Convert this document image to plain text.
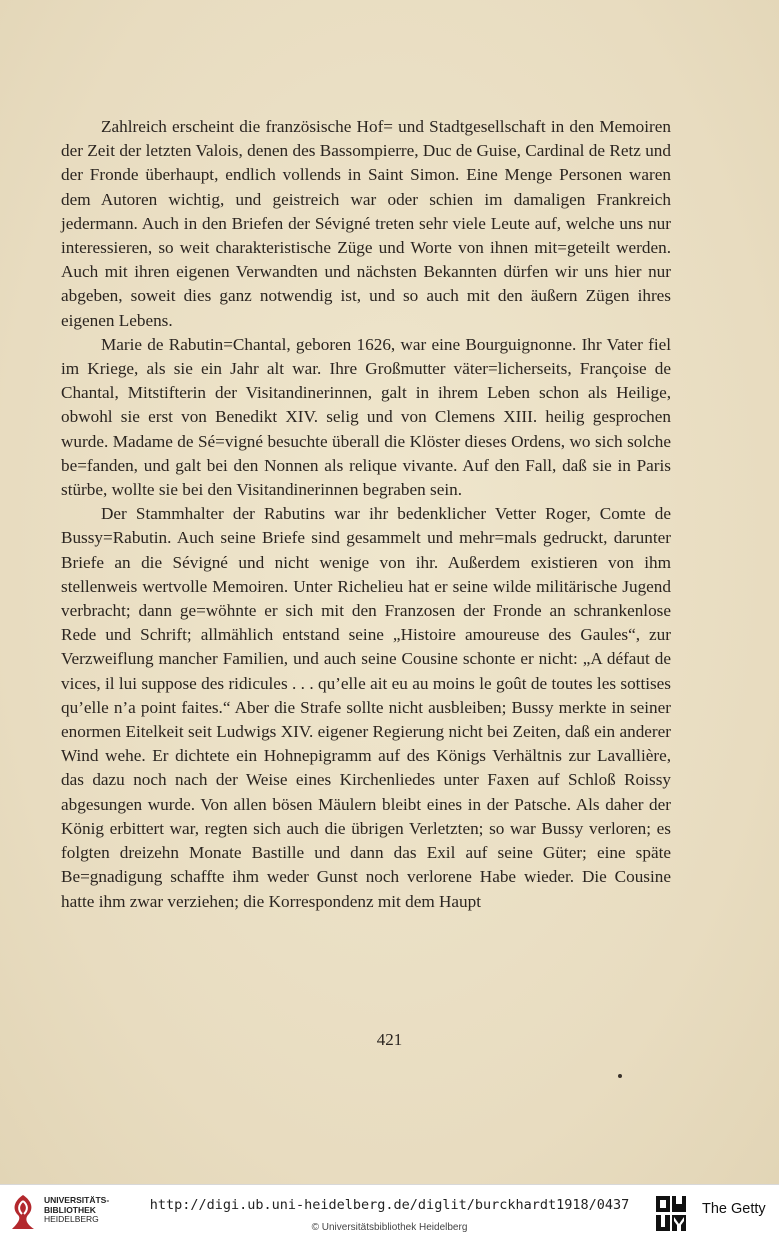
Zahlreich erscheint die französische Hof= und Stadtgesellschaft in den Memoiren der Zeit der letzten Valois, denen des Bassompierre, Duc de Guise, Cardinal de Retz und der Fronde überhaupt, endlich vollends in Saint Simon. Eine Menge Personen waren dem Autoren wichtig, und geistreich war oder schien im damaligen Frankreich jedermann. Auch in den Briefen der Sévigné treten sehr viele Leute auf, welche uns nur interessieren, so weit charakteristische Züge und Worte von ihnen mit=geteilt werden. Auch mit ihren eigenen Verwandten und nächsten Bekannten dürfen wir uns hier nur abgeben, soweit dies ganz notwendig ist, und so auch mit den äußern Zügen ihres eigenen Lebens.

Marie de Rabutin=Chantal, geboren 1626, war eine Bourguignonne. Ihr Vater fiel im Kriege, als sie ein Jahr alt war. Ihre Großmutter väter=licherseits, Françoise de Chantal, Mitstifterin der Visitandinerinnen, galt in ihrem Leben schon als Heilige, obwohl sie erst von Benedikt XIV. selig und von Clemens XIII. heilig gesprochen wurde. Madame de Sé=vigné besuchte überall die Klöster dieses Ordens, wo sich solche be=fanden, und galt bei den Nonnen als relique vivante. Auf den Fall, daß sie in Paris stürbe, wollte sie bei den Visitandinerinnen begraben sein.

Der Stammhalter der Rabutins war ihr bedenklicher Vetter Roger, Comte de Bussy=Rabutin. Auch seine Briefe sind gesammelt und mehr=mals gedruckt, darunter Briefe an die Sévigné und nicht wenige von ihr. Außerdem existieren von ihm stellenweis wertvolle Memoiren. Unter Richelieu hat er seine wilde militärische Jugend verbracht; dann ge=wöhnte er sich mit den Franzosen der Fronde an schrankenlose Rede und Schrift; allmählich entstand seine „Histoire amoureuse des Gaules“, zur Verzweiflung mancher Familien, und auch seine Cousine schonte er nicht: „A défaut de vices, il lui suppose des ridicules . . . qu’elle ait eu au moins le goût de toutes les sottises qu’elle n’a point faites.“ Aber die Strafe sollte nicht ausbleiben; Bussy merkte in seiner enormen Eitelkeit seit Ludwigs XIV. eigener Regierung nicht bei Zeiten, daß ein anderer Wind wehe. Er dichtete ein Hohnepigramm auf des Königs Verhältnis zur Lavallière, das dazu noch nach der Weise eines Kirchenliedes unter Faxen auf Schloß Roissy abgesungen wurde. Von allen bösen Mäulern bleibt eines in der Patsche. Als daher der König erbittert war, regten sich auch die übrigen Verletzten; so war Bussy verloren; es folgten dreizehn Monate Bastille und dann das Exil auf seine Güter; eine späte Be=gnadigung schaffte ihm weder Gunst noch verlorene Habe wieder. Die Cousine hatte ihm zwar verziehen; die Korrespondenz mit dem Haupt

421
UNIVERSITÄTS-
BIBLIOTHEK
HEIDELBERG
http://digi.ub.uni-heidelberg.de/diglit/burckhardt1918/0437
© Universitätsbibliothek Heidelberg
The Getty
